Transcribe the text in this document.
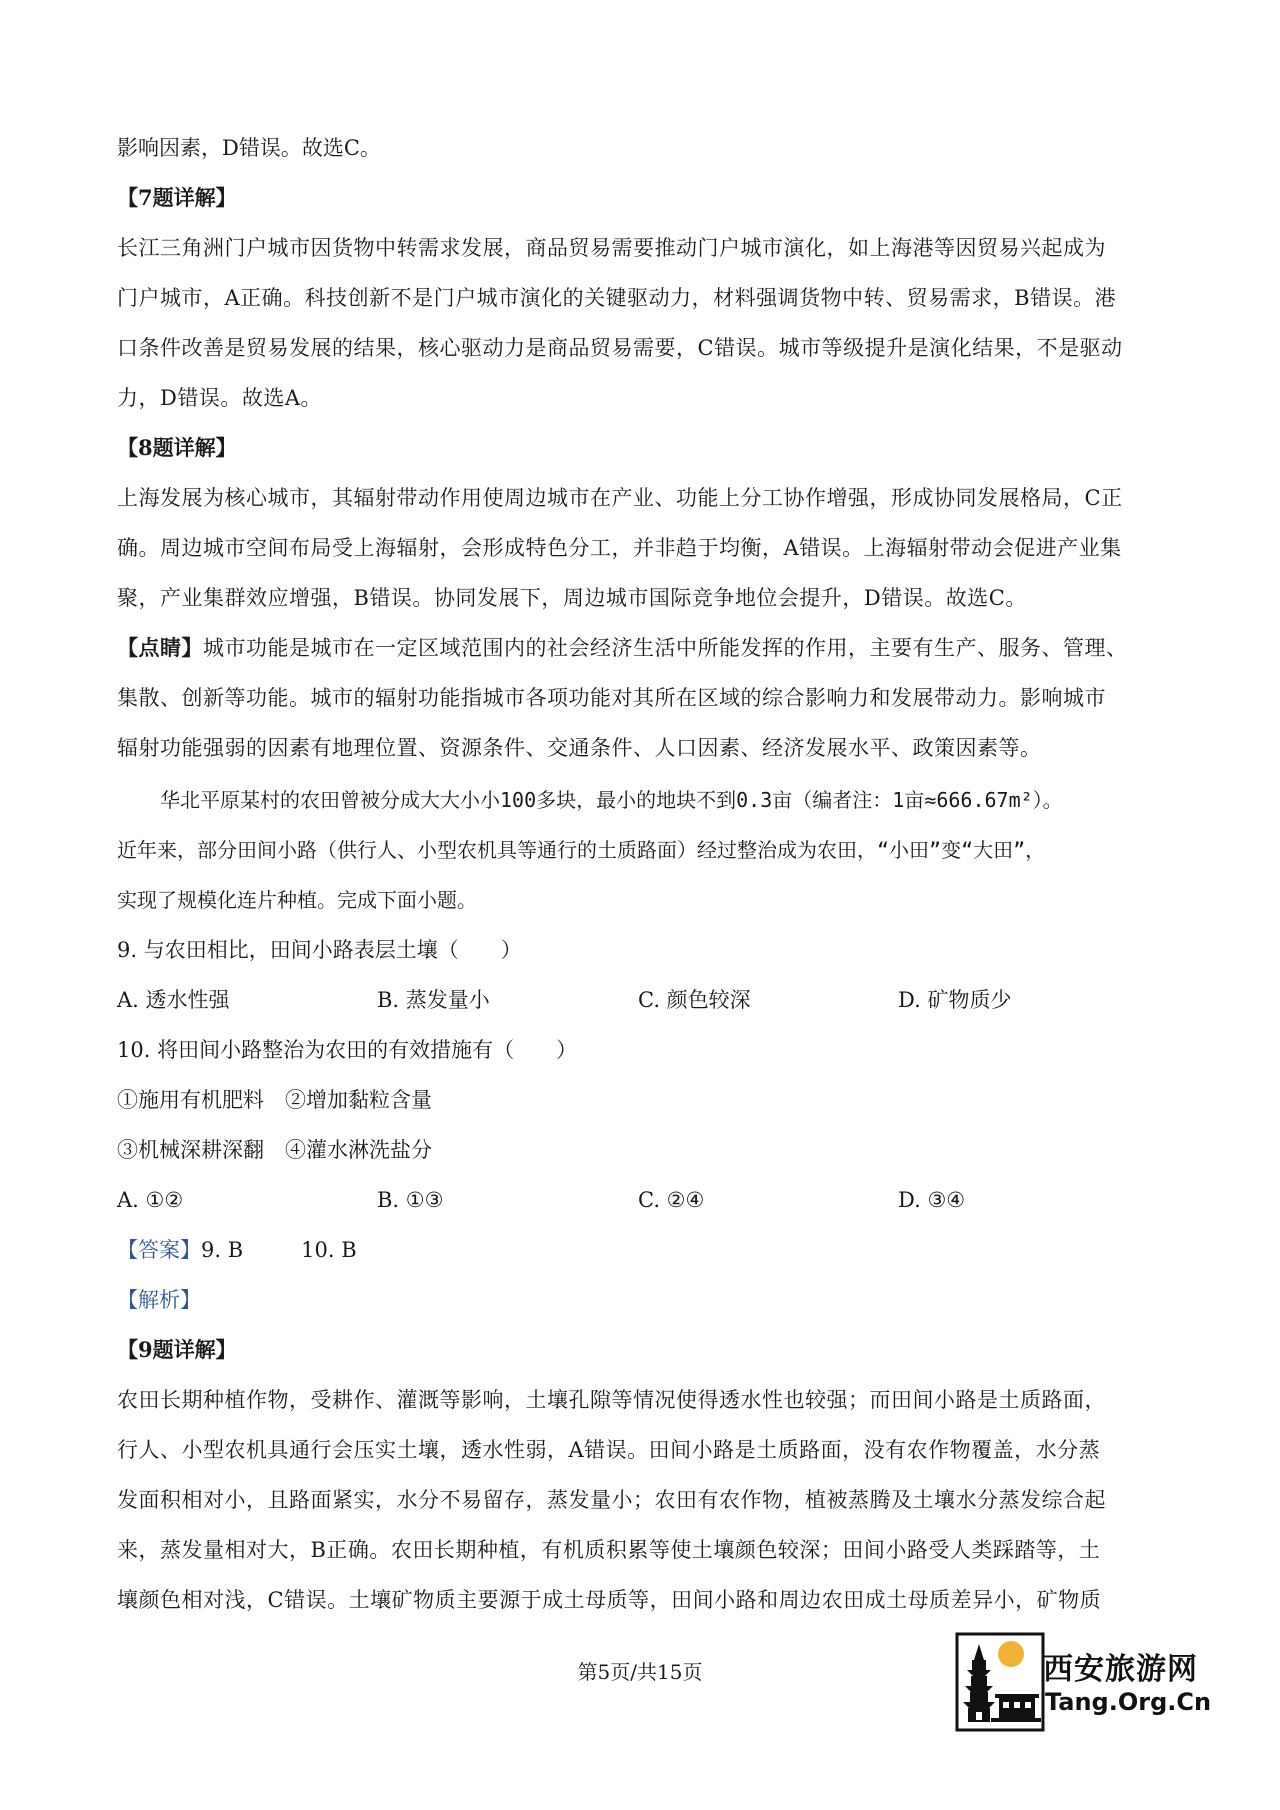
影响因素，D错误。故选C。
【7题详解】
长江三角洲门户城市因货物中转需求发展，商品贸易需要推动门户城市演化，如上海港等因贸易兴起成为
门户城市，A正确。科技创新不是门户城市演化的关键驱动力，材料强调货物中转、贸易需求，B错误。港
口条件改善是贸易发展的结果，核心驱动力是商品贸易需要，C错误。城市等级提升是演化结果，不是驱动
力，D错误。故选A。
【8题详解】
上海发展为核心城市，其辐射带动作用使周边城市在产业、功能上分工协作增强，形成协同发展格局，C正
确。周边城市空间布局受上海辐射，会形成特色分工，并非趋于均衡，A错误。上海辐射带动会促进产业集
聚，产业集群效应增强，B错误。协同发展下，周边城市国际竞争地位会提升，D错误。故选C。
【点睛】城市功能是城市在一定区域范围内的社会经济生活中所能发挥的作用，主要有生产、服务、管理、
集散、创新等功能。城市的辐射功能指城市各项功能对其所在区域的综合影响力和发展带动力。影响城市
辐射功能强弱的因素有地理位置、资源条件、交通条件、人口因素、经济发展水平、政策因素等。
华北平原某村的农田曾被分成大大小小100多块，最小的地块不到0.3亩（编者注：1亩≈666.67m²）。
近年来，部分田间小路（供行人、小型农机具等通行的土质路面）经过整治成为农田，“小田”变“大田”，
实现了规模化连片种植。完成下面小题。
9. 与农田相比，田间小路表层土壤（　　）
A. 透水性强	B. 蒸发量小	C. 颜色较深	D. 矿物质少
10. 将田间小路整治为农田的有效措施有（　　）
①施用有机肥料　②增加黏粒含量
③机械深耕深翻　④灌水淋洗盐分
A. ①②	B. ①③	C. ②④	D. ③④
【答案】9. B	10. B
【解析】
【9题详解】
农田长期种植作物，受耕作、灌溉等影响，土壤孔隙等情况使得透水性也较强；而田间小路是土质路面，
行人、小型农机具通行会压实土壤，透水性弱，A错误。田间小路是土质路面，没有农作物覆盖，水分蒸
发面积相对小，且路面紧实，水分不易留存，蒸发量小；农田有农作物，植被蒸腾及土壤水分蒸发综合起
来，蒸发量相对大，B正确。农田长期种植，有机质积累等使土壤颜色较深；田间小路受人类踩踏等，土
壤颜色相对浅，C错误。土壤矿物质主要源于成土母质等，田间小路和周边农田成土母质差异小，矿物质
第5页/共15页	西安旅游网
Tang.Org.Cn
